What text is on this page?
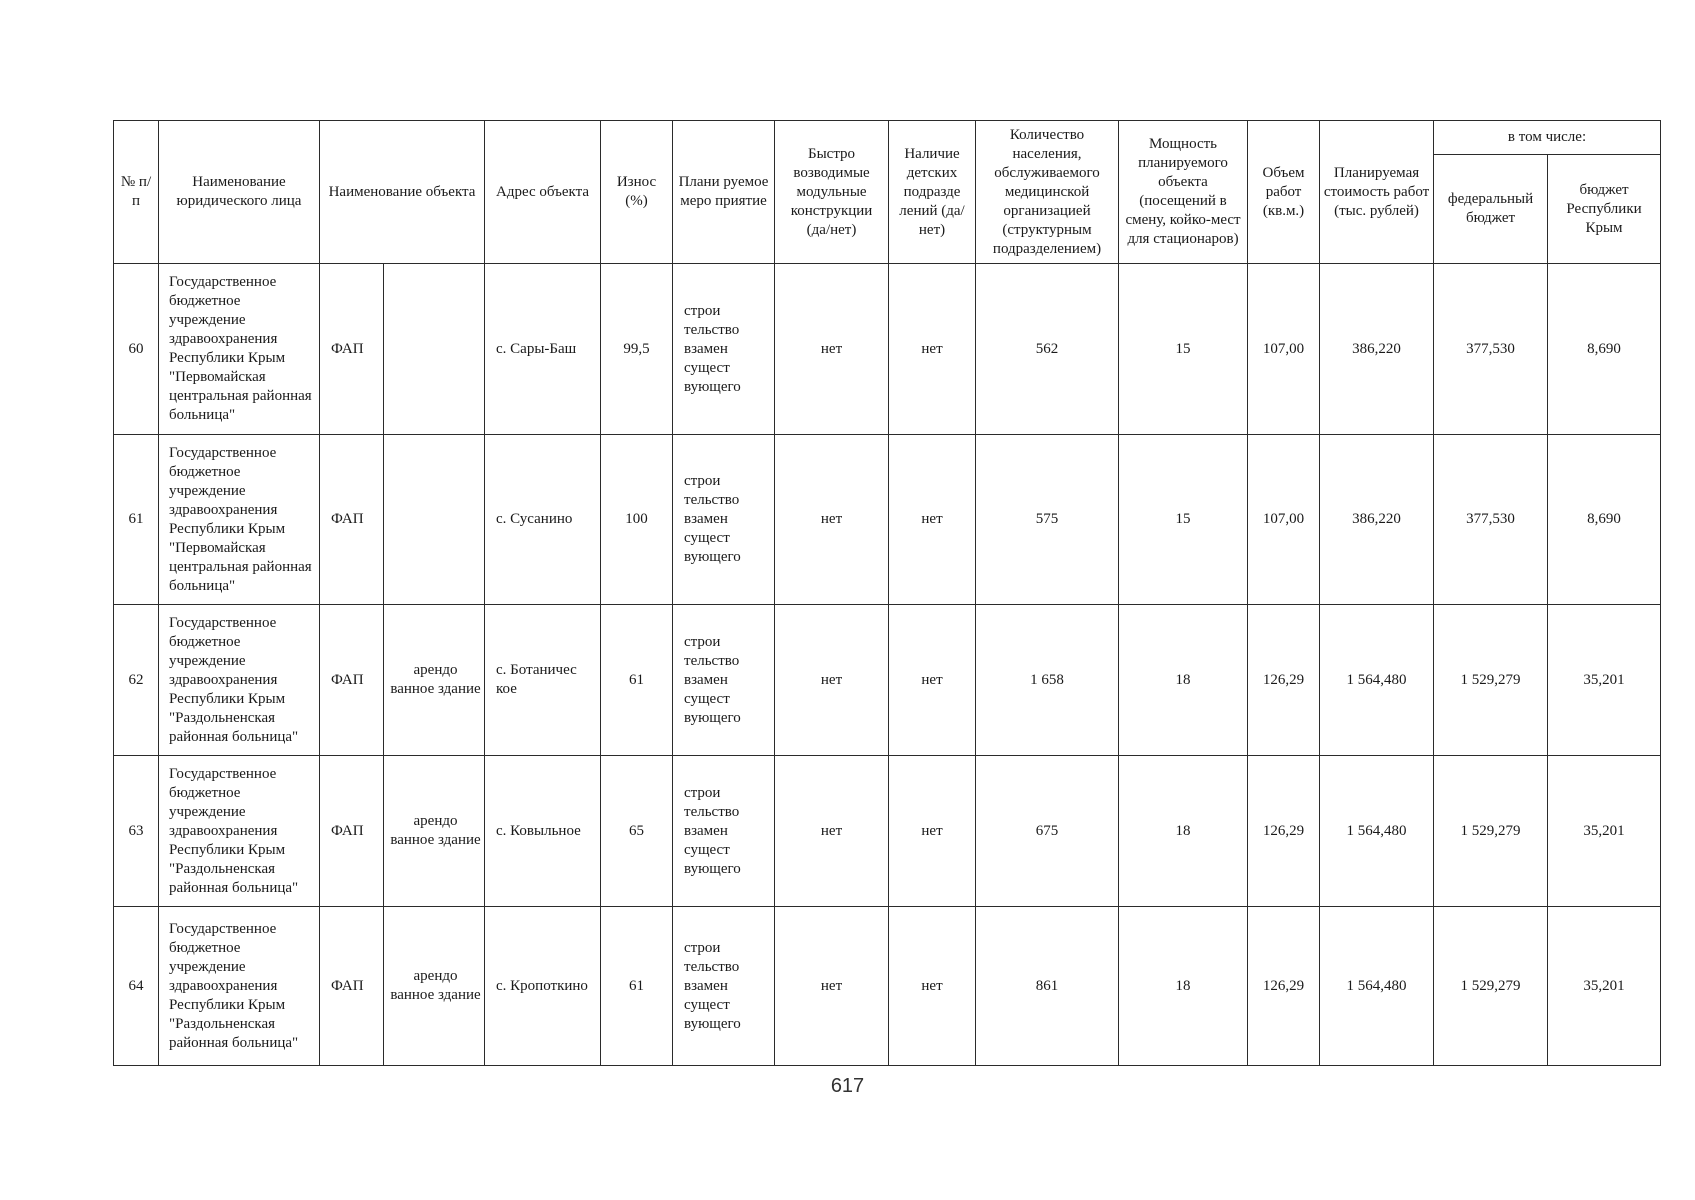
№ п/п	Наименование юридического лица	Наименование объекта		Адрес объекта	Износ (%)	Плани руемое меро приятие	Быстро возводимые модульные конструкции (да/нет)	Наличие детских подразде лений (да/нет)	Количество населения, обслуживаемого медицинской организацией (структурным подразделением)	Мощность планируемого объекта (посещений в смену, койко-мест для стационаров)	Объем работ (кв.м.)	Планируемая стоимость работ (тыс. рублей)	в том числе:	
													федеральный бюджет	бюджет Республики Крым
60	Государственное бюджетное учреждение здравоохранения Республики Крым "Первомайская центральная районная больница"	ФАП		с. Сары-Баш	99,5	строи тельство взамен сущест вующего	нет	нет	562	15	107,00	386,220	377,530	8,690
61	Государственное бюджетное учреждение здравоохранения Республики Крым "Первомайская центральная районная больница"	ФАП		с. Сусанино	100	строи тельство взамен сущест вующего	нет	нет	575	15	107,00	386,220	377,530	8,690
62	Государственное бюджетное учреждение здравоохранения Республики Крым "Раздольненская районная больница"	ФАП	арендо ванное здание	с. Ботаничес кое	61	строи тельство взамен сущест вующего	нет	нет	1 658	18	126,29	1 564,480	1 529,279	35,201
63	Государственное бюджетное учреждение здравоохранения Республики Крым "Раздольненская районная больница"	ФАП	арендо ванное здание	с. Ковыльное	65	строи тельство взамен сущест вующего	нет	нет	675	18	126,29	1 564,480	1 529,279	35,201
64	Государственное бюджетное учреждение здравоохранения Республики Крым "Раздольненская районная больница"	ФАП	арендо ванное здание	с. Кропоткино	61	строи тельство взамен сущест вующего	нет	нет	861	18	126,29	1 564,480	1 529,279	35,201
617
